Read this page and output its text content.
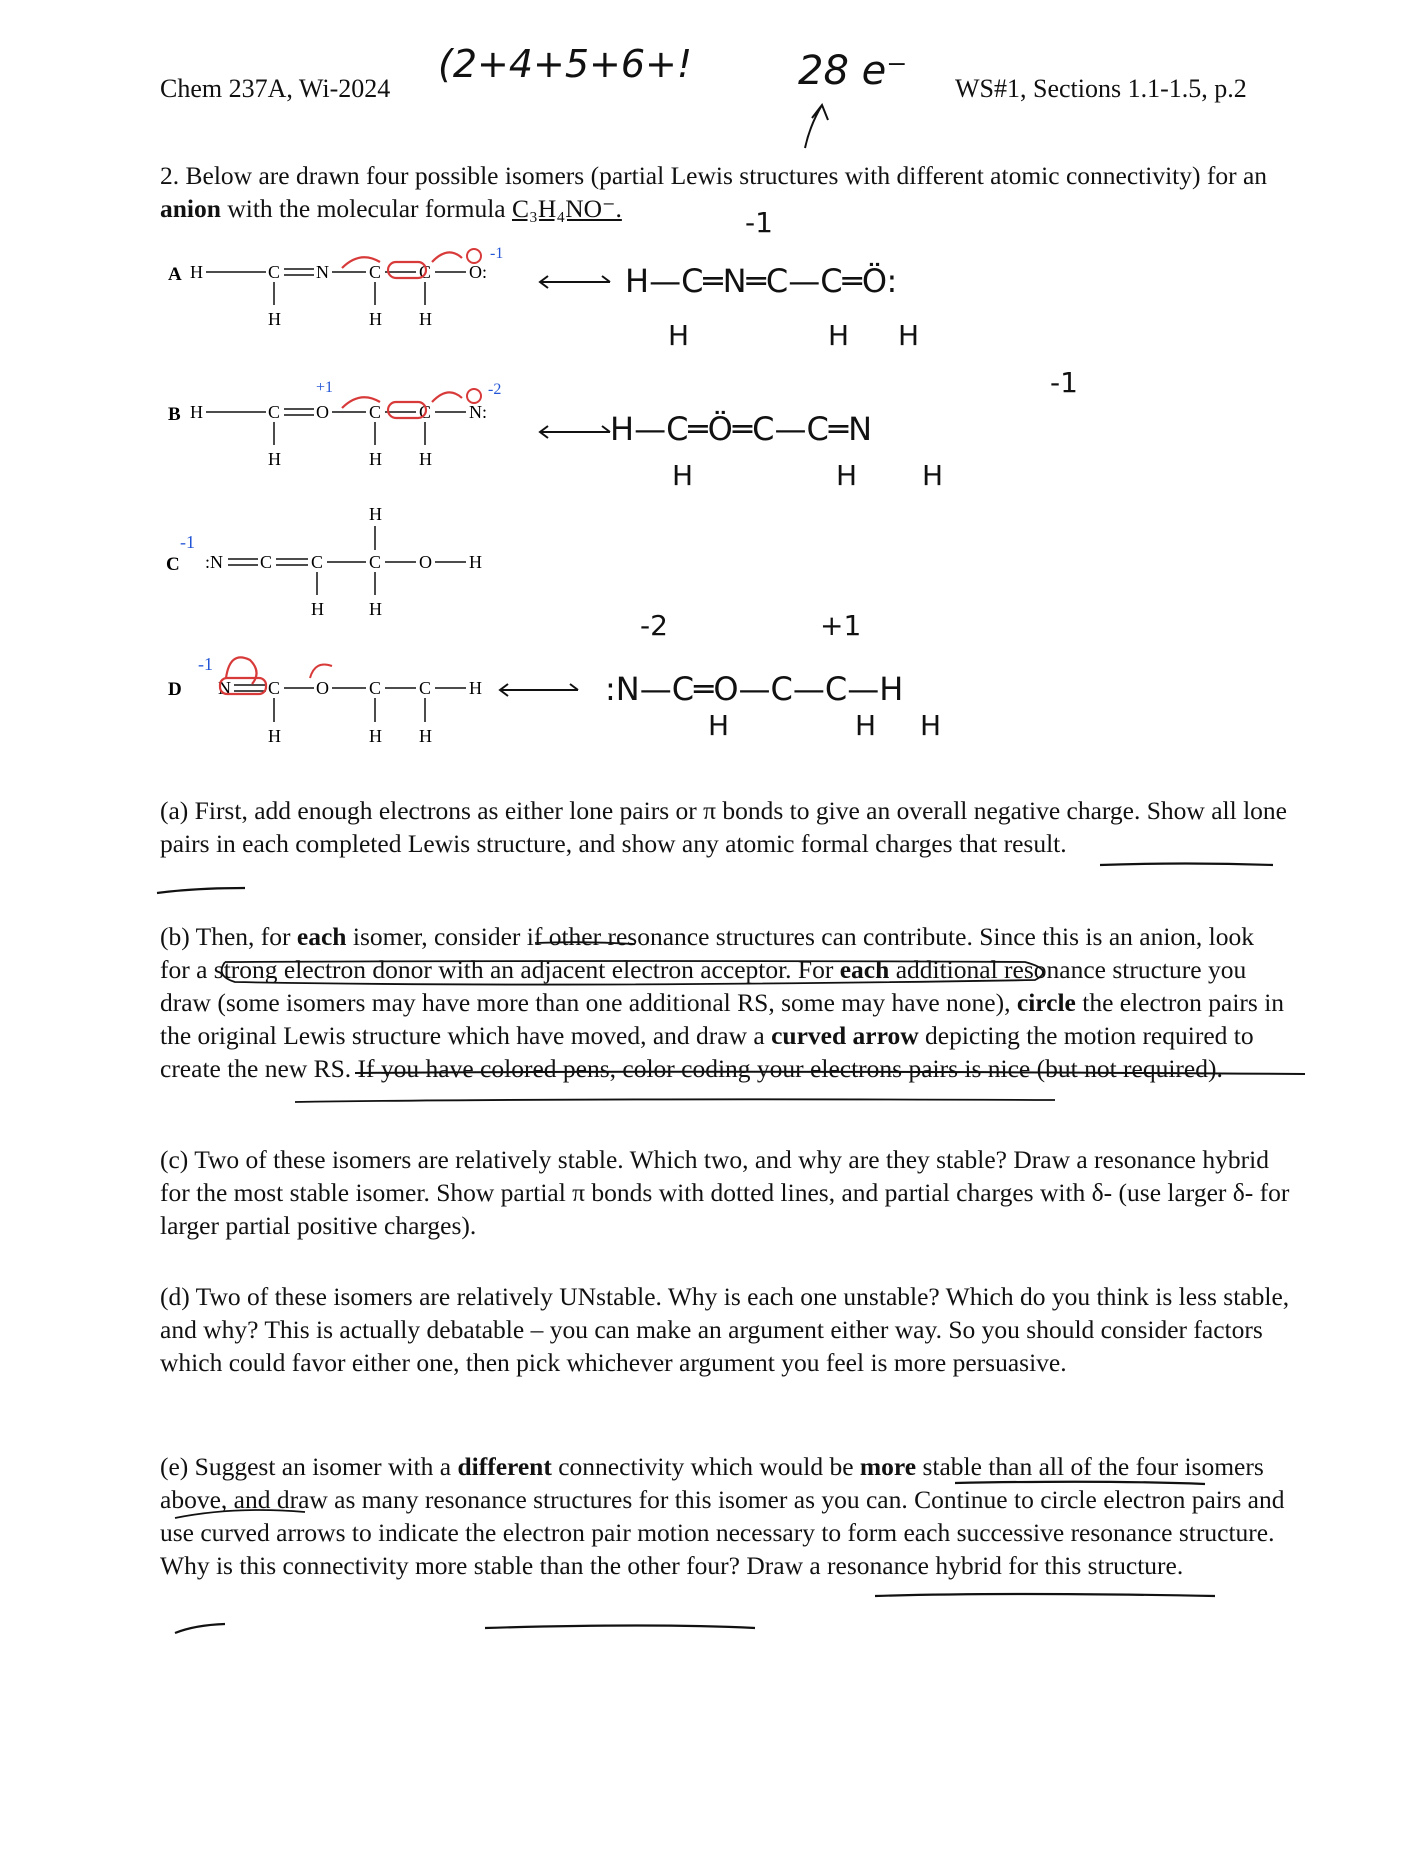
Chem 237A, Wi-2024	WS#1, Sections 1.1-1.5, p.2
(2+4+5+6+!	28 e⁻

2. Below are drawn four possible isomers (partial Lewis structures with different atomic connectivity) for an anion with the molecular formula C₃H₄NO⁻.

A H	C N C C O:
H	H H
-1
H—C═N═C—C═Ö:
-1
H	H H
B H	C O C C N:
H	H H
+1	-2
H—C═Ö═C—C═N
-1
H	H H
C
-1
:N C C	C O H
H
H	H
D
-1
N C O C C H
H	H H
:N—C═O—C—C—H
-2	+1
H	H H

(a) First, add enough electrons as either lone pairs or π bonds to give an overall negative charge. Show all lone pairs in each completed Lewis structure, and show any atomic formal charges that result.

(b) Then, for each isomer, consider if other resonance structures can contribute. Since this is an anion, look for a strong electron donor with an adjacent electron acceptor. For each additional resonance structure you draw (some isomers may have more than one additional RS, some may have none), circle the electron pairs in the original Lewis structure which have moved, and draw a curved arrow depicting the motion required to create the new RS. If you have colored pens, color coding your electrons pairs is nice (but not required).

(c) Two of these isomers are relatively stable. Which two, and why are they stable? Draw a resonance hybrid for the most stable isomer. Show partial π bonds with dotted lines, and partial charges with δ- (use larger δ- for larger partial positive charges).

(d) Two of these isomers are relatively UNstable. Why is each one unstable? Which do you think is less stable, and why? This is actually debatable – you can make an argument either way. So you should consider factors which could favor either one, then pick whichever argument you feel is more persuasive.

(e) Suggest an isomer with a different connectivity which would be more stable than all of the four isomers above, and draw as many resonance structures for this isomer as you can. Continue to circle electron pairs and use curved arrows to indicate the electron pair motion necessary to form each successive resonance structure. Why is this connectivity more stable than the other four? Draw a resonance hybrid for this structure.
